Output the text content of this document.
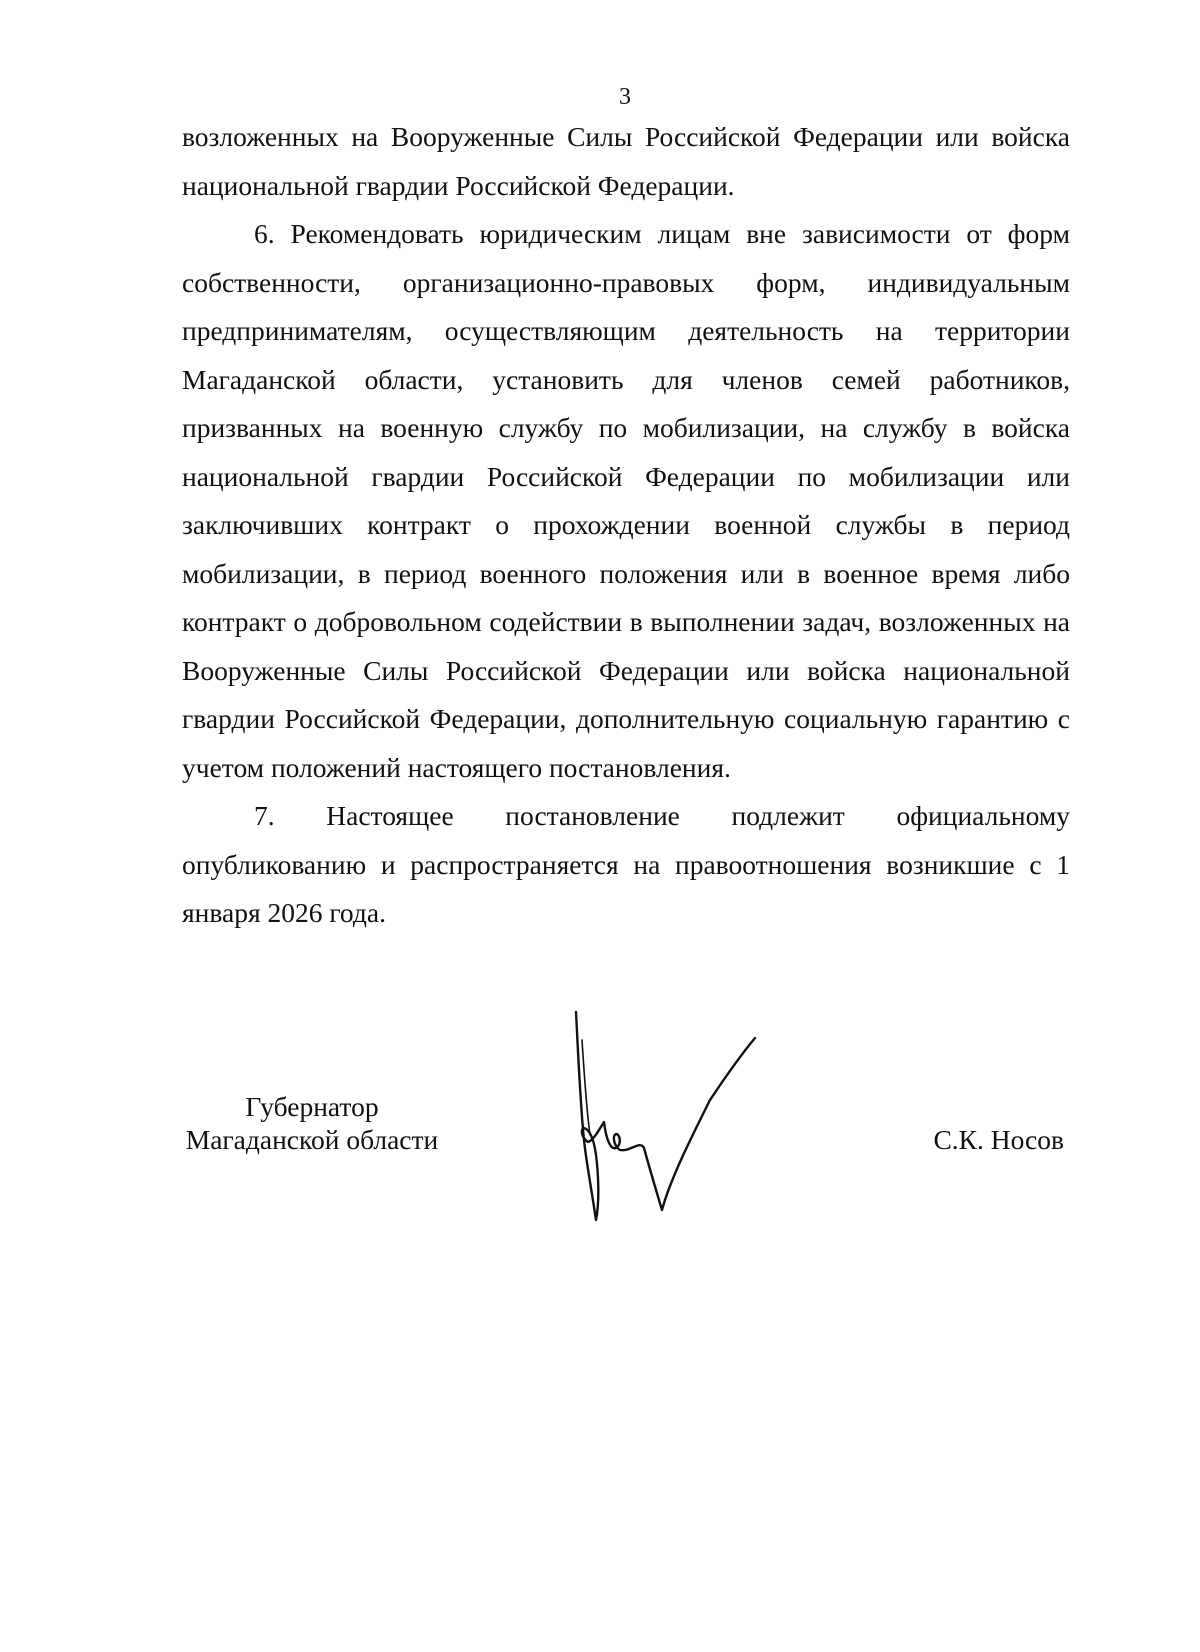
3

возложенных на Вооруженные Силы Российской Федерации или войска национальной гвардии Российской Федерации.

6. Рекомендовать юридическим лицам вне зависимости от форм собственности, организационно-правовых форм, индивидуальным предпринимателям, осуществляющим деятельность на территории Магаданской области, установить для членов семей работников, призванных на военную службу по мобилизации, на службу в войска национальной гвардии Российской Федерации по мобилизации или заключивших контракт о прохождении военной службы в период мобилизации, в период военного положения или в военное время либо контракт о добровольном содействии в выполнении задач, возложенных на Вооруженные Силы Российской Федерации или войска национальной гвардии Российской Федерации, дополнительную социальную гарантию с учетом положений настоящего постановления.

7. Настоящее постановление подлежит официальному опубликованию и распространяется на правоотношения возникшие с 1 января 2026 года.

Губернатор
Магаданской области	С.К. Носов
